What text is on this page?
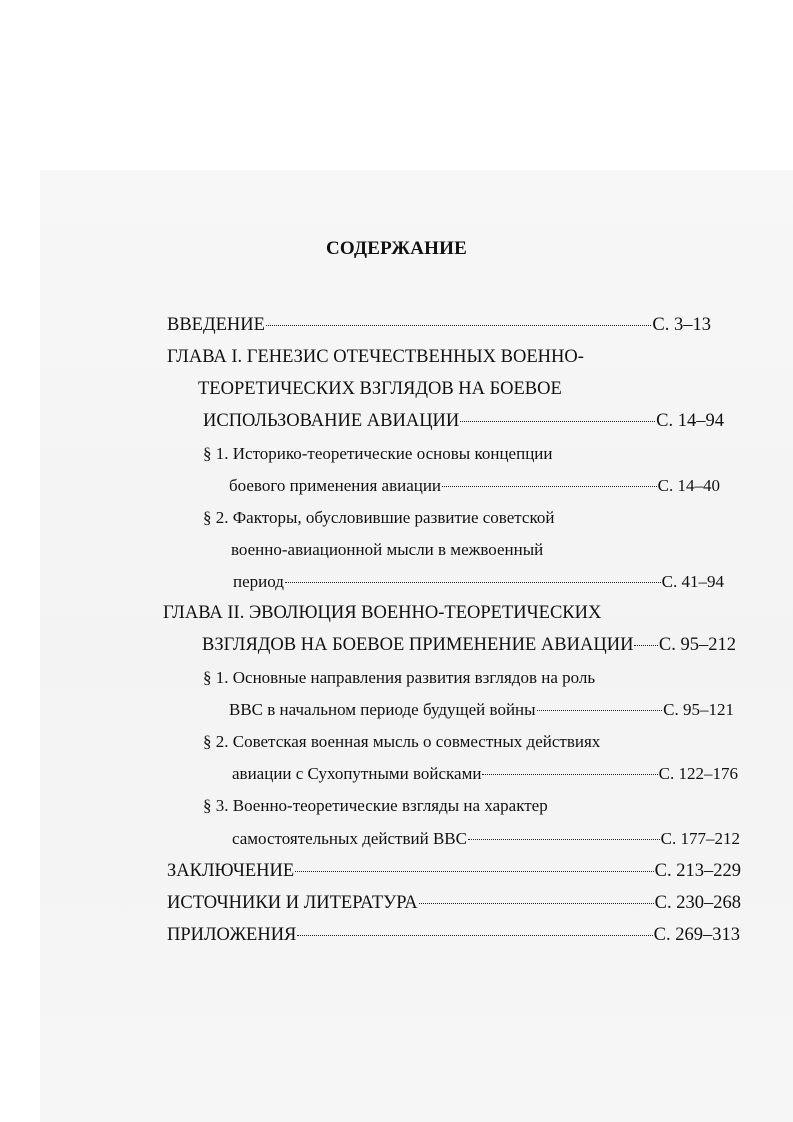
СОДЕРЖАНИЕ
ВВЕДЕНИЕ	С. 3–13
ГЛАВА I. ГЕНЕЗИС ОТЕЧЕСТВЕННЫХ ВОЕННО-
ТЕОРЕТИЧЕСКИХ ВЗГЛЯДОВ НА БОЕВОЕ
ИСПОЛЬЗОВАНИЕ АВИАЦИИ	С. 14–94
§ 1. Историко-теоретические основы концепции
боевого применения авиации	С. 14–40
§ 2. Факторы, обусловившие развитие советской
военно-авиационной мысли в межвоенный
период	С. 41–94
ГЛАВА II. ЭВОЛЮЦИЯ ВОЕННО-ТЕОРЕТИЧЕСКИХ
ВЗГЛЯДОВ НА БОЕВОЕ ПРИМЕНЕНИЕ АВИАЦИИ С. 95–212
§ 1. Основные направления развития взглядов на роль
ВВС в начальном периоде будущей войны	С. 95–121
§ 2. Советская военная мысль о совместных действиях
авиации с Сухопутными войсками	С. 122–176
§ 3. Военно-теоретические взгляды на характер
самостоятельных действий ВВС	С. 177–212
ЗАКЛЮЧЕНИЕ	С. 213–229
ИСТОЧНИКИ И ЛИТЕРАТУРА	С. 230–268
ПРИЛОЖЕНИЯ	С. 269–313
